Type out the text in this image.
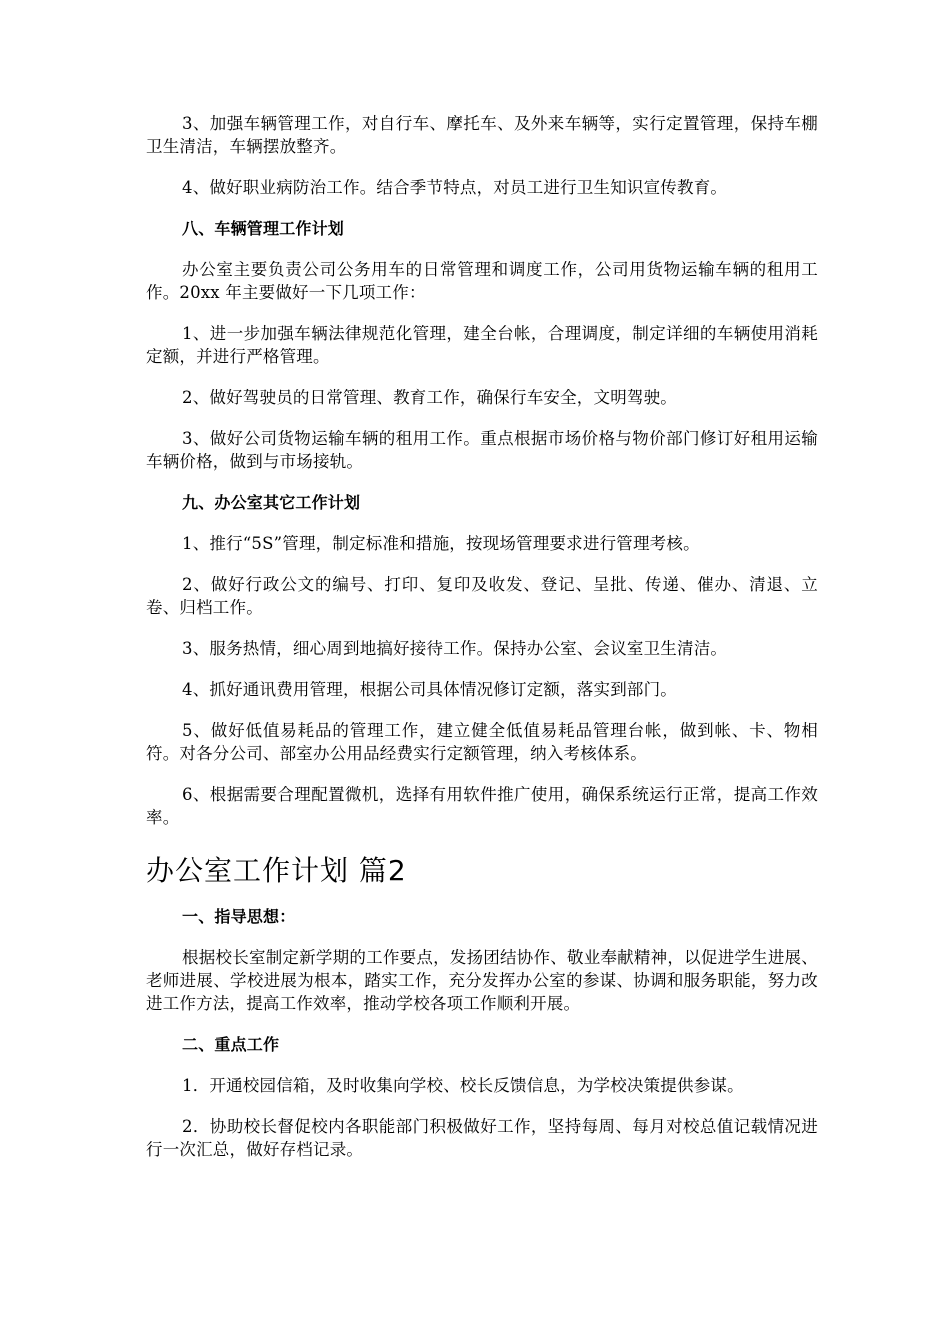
3、加强车辆管理工作，对自行车、摩托车、及外来车辆等，实行定置管理，保持车棚卫生清洁，车辆摆放整齐。

4、做好职业病防治工作。结合季节特点，对员工进行卫生知识宣传教育。

八、车辆管理工作计划

办公室主要负责公司公务用车的日常管理和调度工作，公司用货物运输车辆的租用工作。20xx 年主要做好一下几项工作：

1、进一步加强车辆法律规范化管理，建全台帐，合理调度，制定详细的车辆使用消耗定额，并进行严格管理。

2、做好驾驶员的日常管理、教育工作，确保行车安全，文明驾驶。

3、做好公司货物运输车辆的租用工作。重点根据市场价格与物价部门修订好租用运输车辆价格，做到与市场接轨。

九、办公室其它工作计划

1、推行“5S”管理，制定标准和措施，按现场管理要求进行管理考核。

2、做好行政公文的编号、打印、复印及收发、登记、呈批、传递、催办、清退、立卷、归档工作。

3、服务热情，细心周到地搞好接待工作。保持办公室、会议室卫生清洁。

4、抓好通讯费用管理，根据公司具体情况修订定额，落实到部门。

5、做好低值易耗品的管理工作，建立健全低值易耗品管理台帐，做到帐、卡、物相符。对各分公司、部室办公用品经费实行定额管理，纳入考核体系。

6、根据需要合理配置微机，选择有用软件推广使用，确保系统运行正常，提高工作效率。

办公室工作计划 篇2

一、指导思想：

根据校长室制定新学期的工作要点，发扬团结协作、敬业奉献精神，以促进学生进展、老师进展、学校进展为根本，踏实工作，充分发挥办公室的参谋、协调和服务职能，努力改进工作方法，提高工作效率，推动学校各项工作顺利开展。

二、重点工作

1．开通校园信箱，及时收集向学校、校长反馈信息，为学校决策提供参谋。

2．协助校长督促校内各职能部门积极做好工作，坚持每周、每月对校总值记载情况进行一次汇总，做好存档记录。
